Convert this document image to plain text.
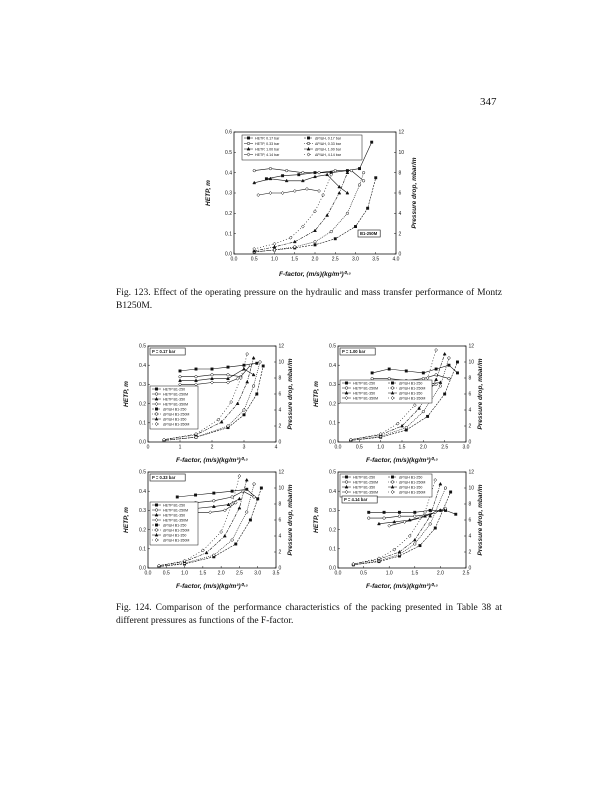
347
0.0	0.5	1.0	1.5	2.0	2.5	3.0	3.5	4.0
0.0
0.1
0.2
0.3
0.4
0.5
0.6
0
2
4
6
8
10
12
F-factor, (m/s)(kg/m³)⁰·⁵
HETP, m	Pressure drop, mbar/m
HETP, 0.17 bar
HETP, 0.33 bar
HETP, 1.00 bar
HETP, 4.14 bar
ΔP/ΔH, 0.17 bar
ΔP/ΔH, 0.33 bar
ΔP/ΔH, 1.00 bar
ΔP/ΔH, 4.14 bar
B1-250M
Fig. 123. Effect of the operating pressure on the hydraulic and mass transfer performance of Montz B1250M.
0	1	2	3	4
0.0
0.1
0.2
0.3
0.4
0.5
0
2
4
6
8
10
12
F-factor, (m/s)(kg/m³)⁰·⁵
HETP, m	Pressure drop, mbar/m
HETP B1-250
HETP B1-250M
HETP B1-350
HETP B1-350M
ΔP/ΔH B1-250
ΔP/ΔH B1-250M
ΔP/ΔH B1-350
ΔP/ΔH B1-350M
P = 0.17 bar
0.0	0.5	1.0	1.5	2.0	2.5	3.0
0.0
0.1
0.2
0.3
0.4
0.5
0
2
4
6
8
10
12
F-factor, (m/s)(kg/m³)⁰·⁵
HETP, m	Pressure drop, mbar/m
HETP B1-250
HETP B1-250M
HETP B1-350
HETP B1-350M
ΔP/ΔH B1-250
ΔP/ΔH B1-250M
ΔP/ΔH B1-350
ΔP/ΔH B1-350M
P = 1.00 bar
0.0 0.5 1.0 1.5 2.0 2.5 3.0 3.5
0.0
0.1
0.2
0.3
0.4
0.5
0
2
4
6
8
10
12
F-factor, (m/s)(kg/m³)⁰·⁵
HETP, m	Pressure drop, mbar/m
HETP B1-250
HETP B1-250M
HETP B1-350
HETP B1-350M
ΔP/ΔH B1-250
ΔP/ΔH B1-250M
ΔP/ΔH B1-350
ΔP/ΔH B1-350M
P = 0.33 bar
0.0	0.5	1.0	1.5	2.0	2.5
0.0
0.1
0.2
0.3
0.4
0.5
0
2
4
6
8
10
12
F-factor, (m/s)(kg/m³)⁰·⁵
HETP, m	Pressure drop, mbar/m
HETP B1-250
HETP B1-250M
HETP B1-350
HETP B1-350M
ΔP/ΔH B1-250
ΔP/ΔH B1-250M
ΔP/ΔH B1-350
ΔP/ΔH B1-350M
P = 4.14 bar
Fig. 124. Comparison of the performance characteristics of the packing presented in Table 38 at different pressures as functions of the F-factor.
